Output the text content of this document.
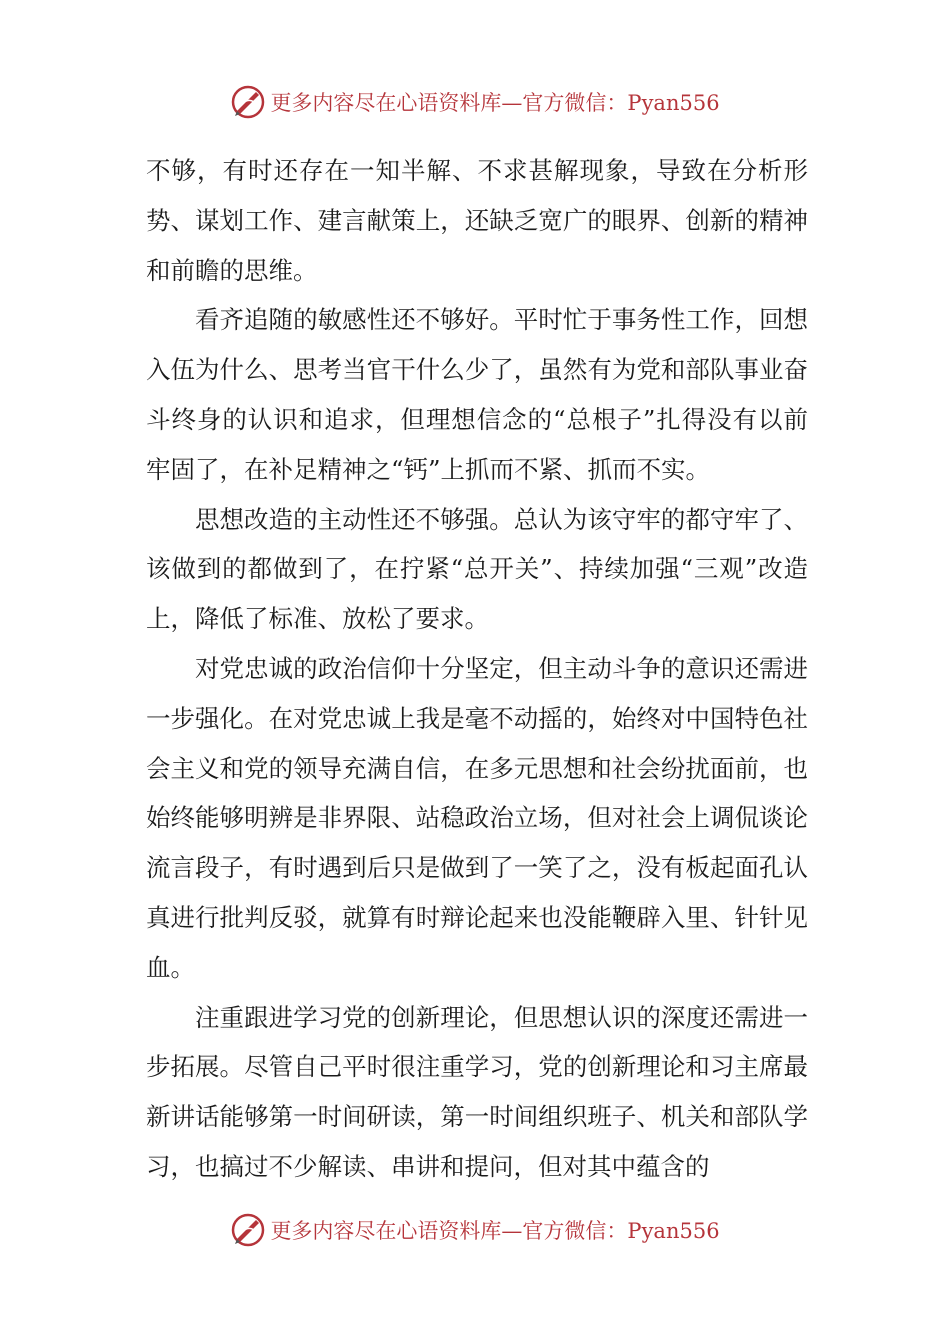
更多内容尽在心语资料库—官方微信：Pyan556

不够，有时还存在一知半解、不求甚解现象，导致在分析形势、谋划工作、建言献策上，还缺乏宽广的眼界、创新的精神和前瞻的思维。

看齐追随的敏感性还不够好。平时忙于事务性工作，回想入伍为什么、思考当官干什么少了，虽然有为党和部队事业奋斗终身的认识和追求，但理想信念的“总根子”扎得没有以前牢固了，在补足精神之“钙”上抓而不紧、抓而不实。

思想改造的主动性还不够强。总认为该守牢的都守牢了、该做到的都做到了，在拧紧“总开关”、持续加强“三观”改造上，降低了标准、放松了要求。

对党忠诚的政治信仰十分坚定，但主动斗争的意识还需进一步强化。在对党忠诚上我是毫不动摇的，始终对中国特色社会主义和党的领导充满自信，在多元思想和社会纷扰面前，也始终能够明辨是非界限、站稳政治立场，但对社会上调侃谈论流言段子，有时遇到后只是做到了一笑了之，没有板起面孔认真进行批判反驳，就算有时辩论起来也没能鞭辟入里、针针见血。

注重跟进学习党的创新理论，但思想认识的深度还需进一步拓展。尽管自己平时很注重学习，党的创新理论和习主席最新讲话能够第一时间研读，第一时间组织班子、机关和部队学习，也搞过不少解读、串讲和提问，但对其中蕴含的

更多内容尽在心语资料库—官方微信：Pyan556
